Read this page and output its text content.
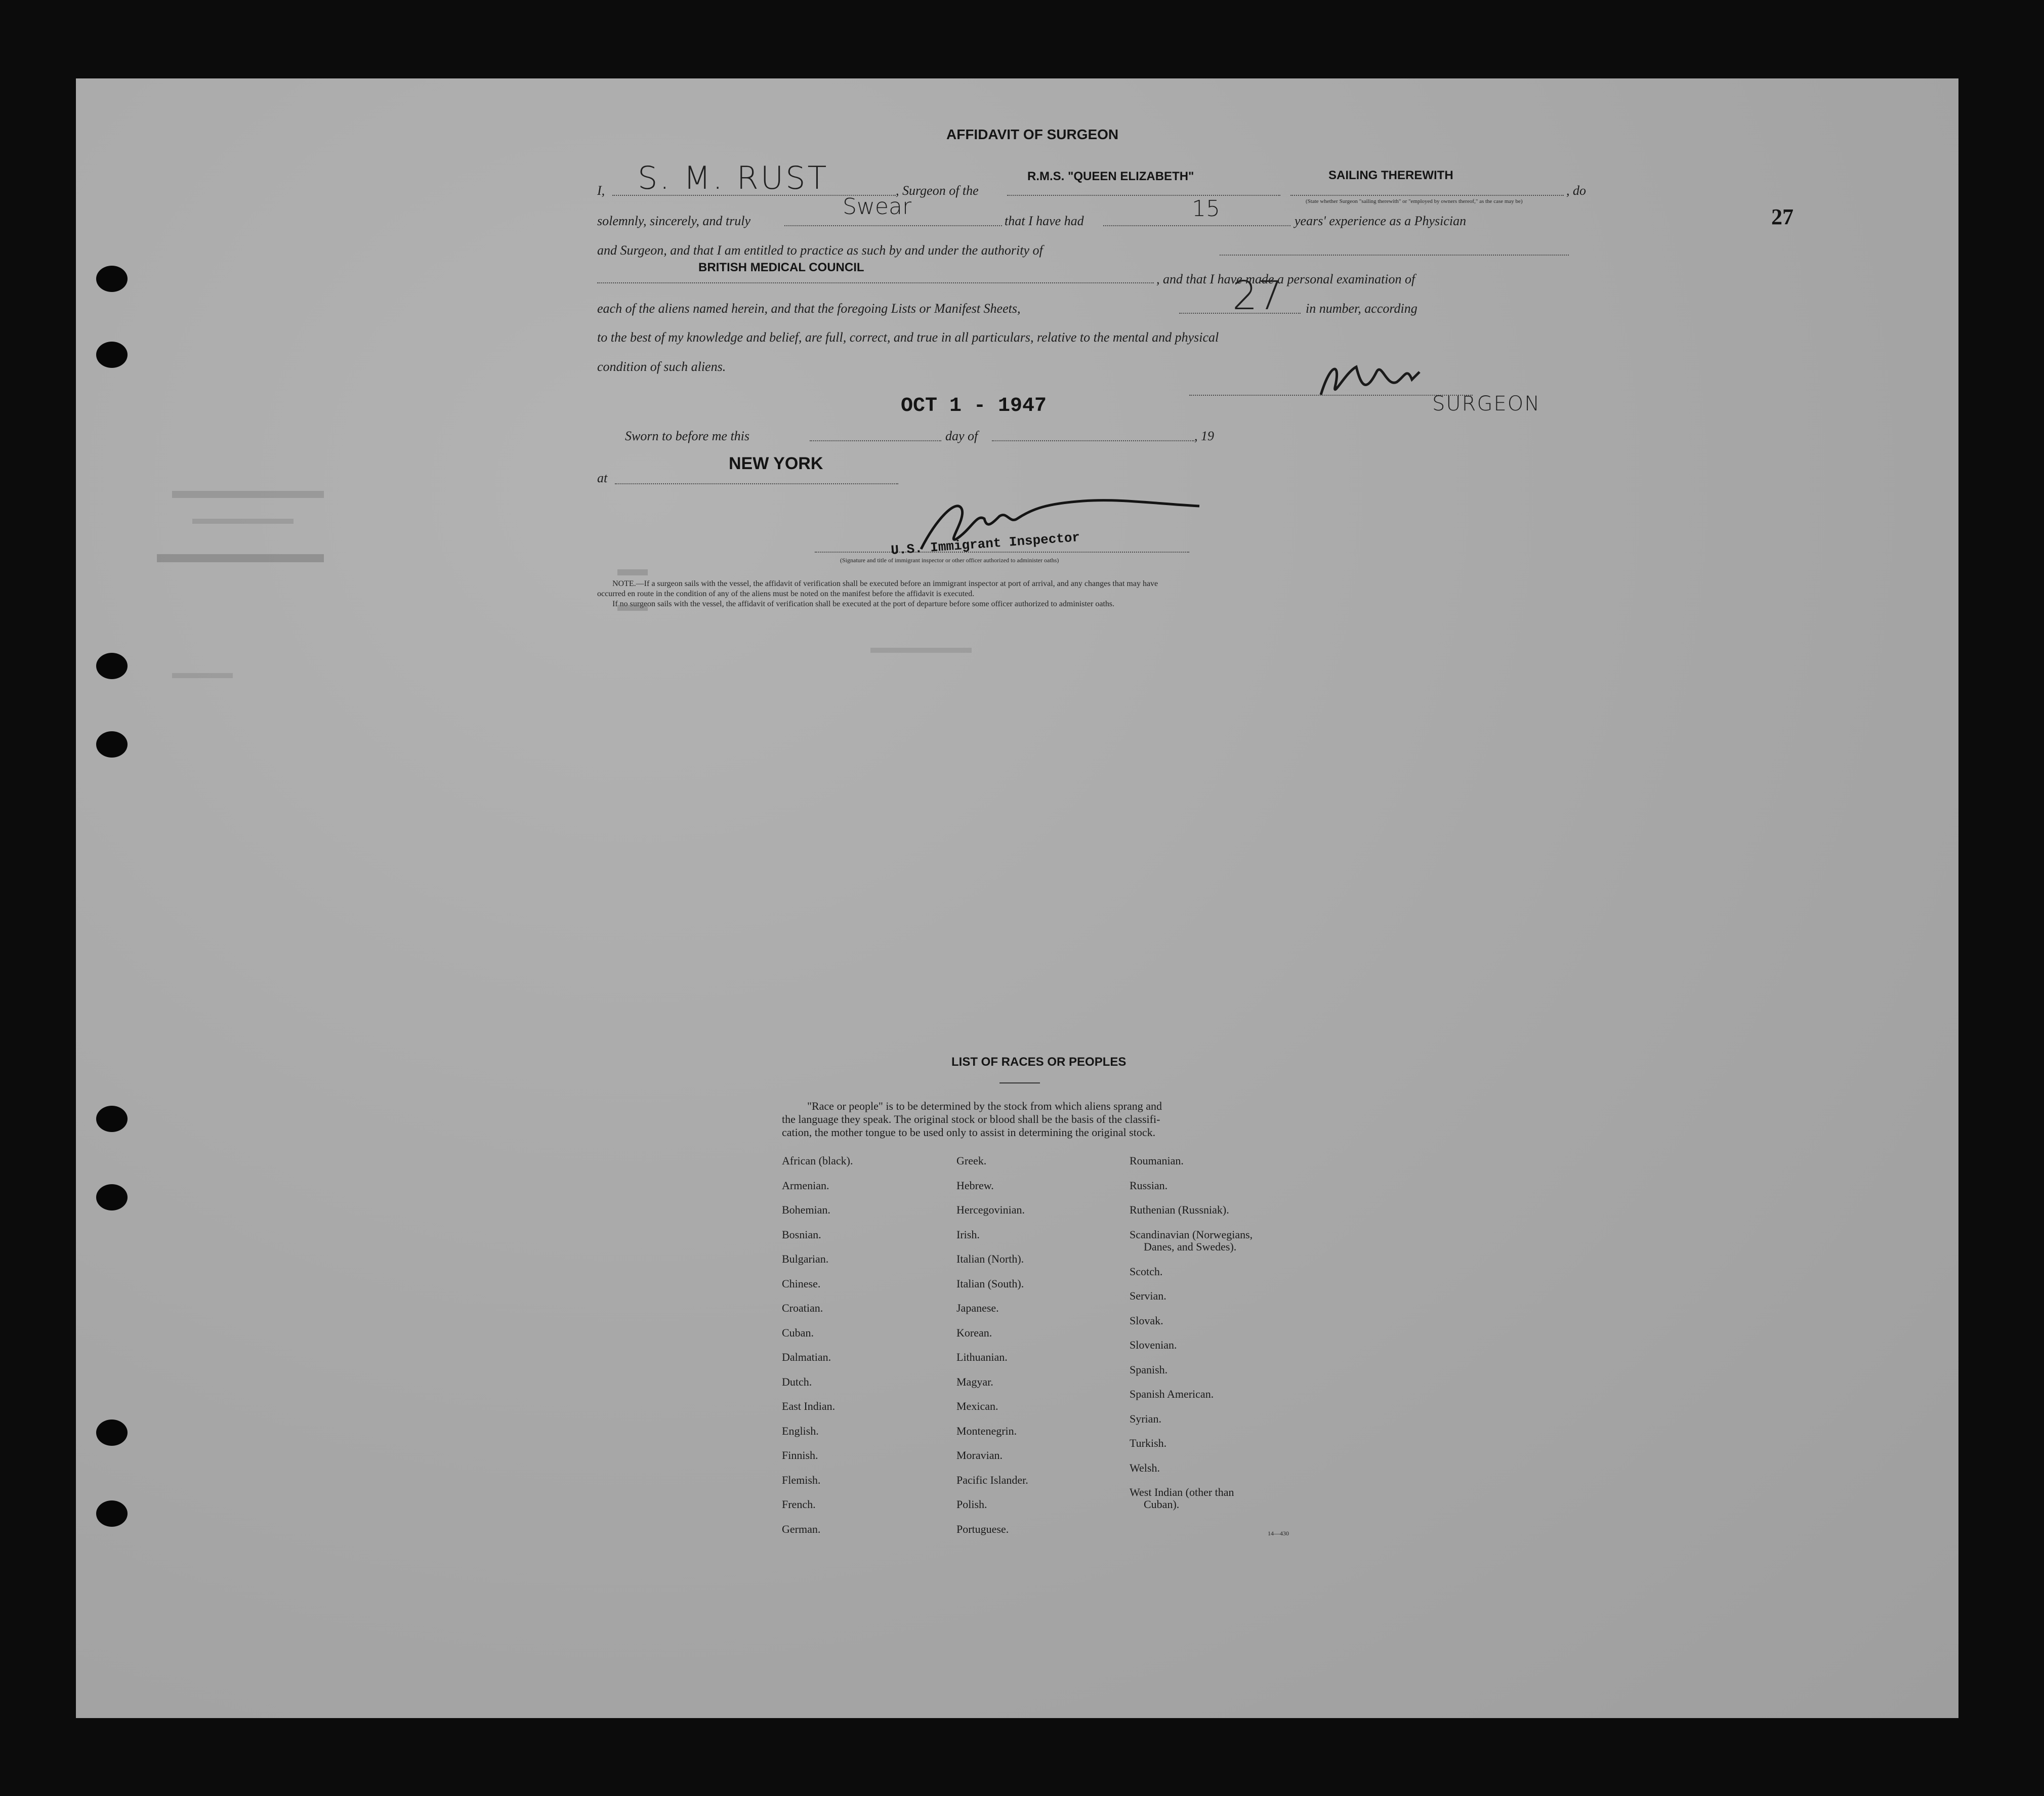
27
AFFIDAVIT OF SURGEON
I, S. M. RUST	, Surgeon of the
R.M.S. "QUEEN ELIZABETH"	SAILING THEREWITH
, do
(State whether Surgeon "sailing therewith" or "employed by owners thereof," as the case may be)
solemnly, sincerely, and truly
Swear
that I have had	15	years' experience as a Physician
and Surgeon, and that I am entitled to practice as such by and under the authority of
BRITISH MEDICAL COUNCIL
, and that I have made a personal examination of
each of the aliens named herein, and that the foregoing Lists or Manifest Sheets,	27 in number, according
to the best of my knowledge and belief, are full, correct, and true in all particulars, relative to the mental and physical
condition of such aliens.
SURGEON
OCT 1 - 1947
Sworn to before me this	day of	, 19
at
NEW YORK
U.S. Immigrant Inspector
(Signature and title of immigrant inspector or other officer authorized to administer oaths)
NOTE.—If a surgeon sails with the vessel, the affidavit of verification shall be executed before an immigrant inspector at port of arrival, and any changes that may have
occurred en route in the condition of any of the aliens must be noted on the manifest before the affidavit is executed.
If no surgeon sails with the vessel, the affidavit of verification shall be executed at the port of departure before some officer authorized to administer oaths.
LIST OF RACES OR PEOPLES
"Race or people" is to be determined by the stock from which aliens sprang and
the language they speak. The original stock or blood shall be the basis of the classifi-
cation, the mother tongue to be used only to assist in determining the original stock.
African (black).
Armenian.
Bohemian.
Bosnian.
Bulgarian.
Chinese.
Croatian.
Cuban.
Dalmatian.
Dutch.
East Indian.
English.
Finnish.
Flemish.
French.
German.
Greek.
Hebrew.
Hercegovinian.
Irish.
Italian (North).
Italian (South).
Japanese.
Korean.
Lithuanian.
Magyar.
Mexican.
Montenegrin.
Moravian.
Pacific Islander.
Polish.
Portuguese.
Roumanian.
Russian.
Ruthenian (Russniak).
Scandinavian (Norwegians,
Danes, and Swedes).
Scotch.
Servian.
Slovak.
Slovenian.
Spanish.
Spanish American.
Syrian.
Turkish.
Welsh.
West Indian (other than
Cuban).
14—430
